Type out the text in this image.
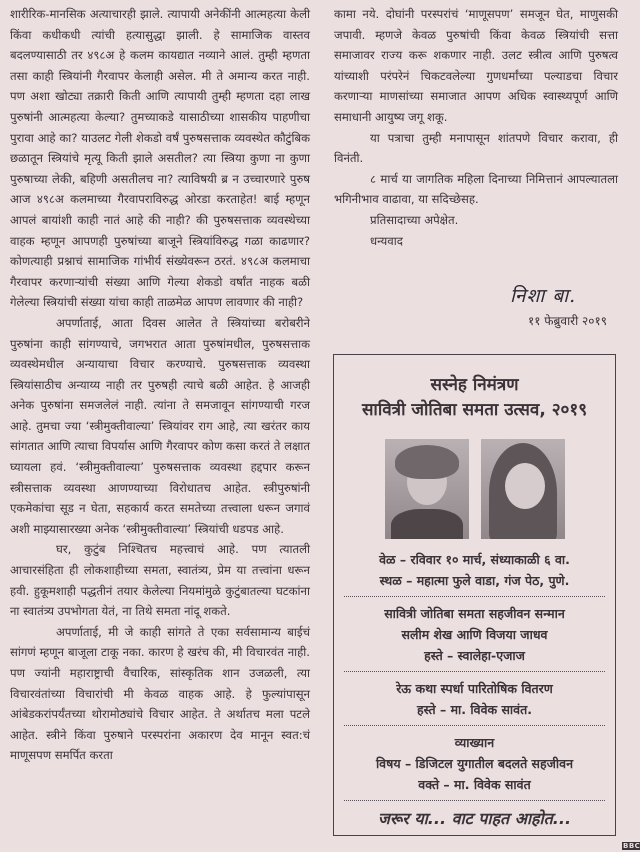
शारीरिक-मानसिक अत्याचारही झाले. त्यापायी अनेकींनी आत्महत्या केली किंवा कधीकधी त्यांची हत्यासुद्धा झाली. हे सामाजिक वास्तव बदलण्यासाठी तर ४९८अ हे कलम कायद्यात नव्याने आलं. तुम्ही म्हणता तसा काही स्त्रियांनी गैरवापर केलाही असेल. मी ते अमान्य करत नाही. पण अशा खोट्या तक्रारी किती आणि त्यापायी तुम्ही म्हणता दहा लाख पुरुषांनी आत्महत्या केल्या? तुमच्याकडे यासाठीच्या शासकीय पाहणीचा पुरावा आहे का? याउलट गेली शेकडो वर्षं पुरुषसत्ताक व्यवस्थेत कौटुंबिक छळातून स्त्रियांचे मृत्यू किती झाले असतील? त्या स्त्रिया कुणा ना कुणा पुरुषाच्या लेकी, बहिणी असतीलच ना? त्याविषयी ब्र न उच्चारणारे पुरुष आज ४९८अ कलमाच्या गैरवापराविरुद्ध ओरडा करताहेत! बाई म्हणून आपलं बायांशी काही नातं आहे की नाही? की पुरुषसत्ताक व्यवस्थेच्या वाहक म्हणून आपणही पुरुषांच्या बाजूने स्त्रियांविरुद्ध गळा काढणार? कोणत्याही प्रश्नाचं सामाजिक गांभीर्य संख्येवरून ठरतं. ४९८अ कलमाचा गैरवापर करणाऱ्यांची संख्या आणि गेल्या शेकडो वर्षांत नाहक बळी गेलेल्या स्त्रियांची संख्या यांचा काही ताळमेळ आपण लावणार की नाही?

अपर्णाताई, आता दिवस आलेत ते स्त्रियांच्या बरोबरीने पुरुषांना काही सांगण्याचे, जगभरात आता पुरुषांमधील, पुरुषसत्ताक व्यवस्थेमधील अन्यायाचा विचार करण्याचे. पुरुषसत्ताक व्यवस्था स्त्रियांसाठीच अन्याय्य नाही तर पुरुषही त्याचे बळी आहेत. हे आजही अनेक पुरुषांना समजलेलं नाही. त्यांना ते समजावून सांगण्याची गरज आहे. तुमचा ज्या ‘स्त्रीमुक्तीवाल्या’ स्त्रियांवर राग आहे, त्या खरंतर काय सांगतात आणि त्याचा विपर्यास आणि गैरवापर कोण कसा करतं ते लक्षात घ्यायला हवं. ‘स्त्रीमुक्तीवाल्या’ पुरुषसत्ताक व्यवस्था हद्दपार करून स्त्रीसत्ताक व्यवस्था आणण्याच्या विरोधातच आहेत. स्त्रीपुरुषांनी एकमेकांचा सूड न घेता, सहकार्य करत समतेच्या तत्त्वाला धरून जगावं अशी माझ्यासारख्या अनेक ‘स्त्रीमुक्तीवाल्या’ स्त्रियांची धडपड आहे.

घर, कुटुंब निश्चितच महत्त्वाचं आहे. पण त्यातली आचारसंहिता ही लोकशाहीच्या समता, स्वातंत्र्य, प्रेम या तत्त्वांना धरून हवी. हुकूमशाही पद्धतीनं तयार केलेल्या नियमांमुळे कुटुंबातल्या घटकांना ना स्वातंत्र्य उपभोगता येतं, ना तिथे समता नांदू शकते.

अपर्णाताई, मी जे काही सांगते ते एका सर्वसामान्य बाईचं सांगणं म्हणून बाजूला टाकू नका. कारण हे खरंच की, मी विचारवंत नाही. पण ज्यांनी महाराष्ट्राची वैचारिक, सांस्कृतिक शान उजळली, त्या विचारवंतांच्या विचारांची मी केवळ वाहक आहे. हे फुल्यांपासून आंबेडकरांपर्यंतच्या थोरामोठ्यांचे विचार आहेत. ते अर्थातच मला पटले आहेत. स्त्रीने किंवा पुरुषाने परस्परांना अकारण देव मानून स्वत:चं माणूसपण समर्पित करता

कामा नये. दोघांनी परस्परांचं ‘माणूसपण’ समजून घेत, माणुसकी जपावी. म्हणजे केवळ पुरुषांची किंवा केवळ स्त्रियांची सत्ता समाजावर राज्य करू शकणार नाही. उलट स्त्रीत्व आणि पुरुषत्व यांच्याशी परंपरेनं चिकटवलेल्या गुणधर्मांच्या पल्याडचा विचार करणाऱ्या माणसांच्या समाजात आपण अधिक स्वास्थ्यपूर्ण आणि समाधानी आयुष्य जगू शकू.

या पत्राचा तुम्ही मनापासून शांतपणे विचार करावा, ही विनंती.

८ मार्च या जागतिक महिला दिनाच्या निमित्तानं आपल्यातला भगिनीभाव वाढावा, या सदिच्छेसह.

प्रतिसादाच्या अपेक्षेत.

धन्यवाद

निशा बा.
११ फेब्रुवारी २०१९
सस्नेह निमंत्रण
सावित्री जोतिबा समता उत्सव, २०१९
वेळ – रविवार १० मार्च, संध्याकाळी ६ वा.
स्थळ – महात्मा फुले वाडा, गंज पेठ, पुणे.
सावित्री जोतिबा समता सहजीवन सन्मान
सलीम शेख आणि विजया जाधव
हस्ते – स्वालेहा-एजाज
रेऊ कथा स्पर्धा पारितोषिक वितरण
हस्ते – मा. विवेक सावंत.
व्याख्यान
विषय – डिजिटल युगातील बदलते सहजीवन
वक्ते – मा. विवेक सावंत
जरूर या... वाट पाहत आहोत...
BBC
